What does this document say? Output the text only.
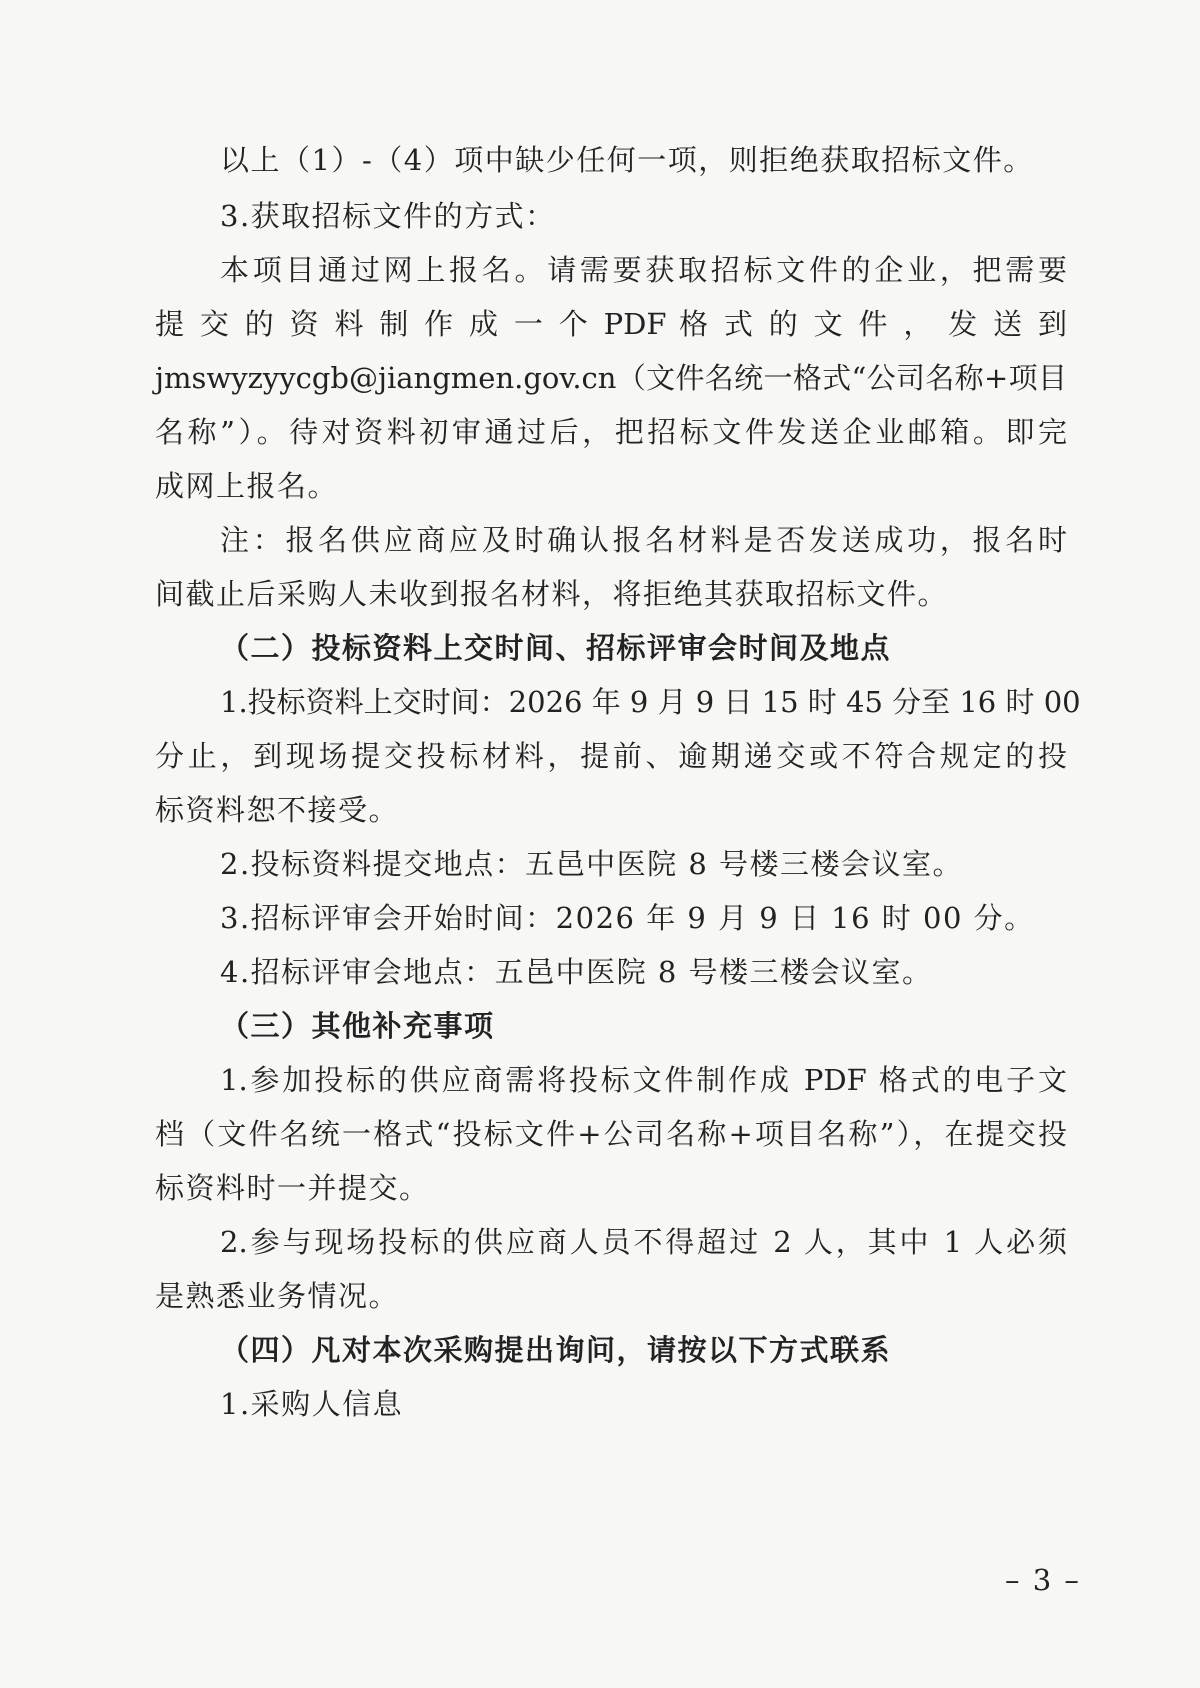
以上（1）-（4）项中缺少任何一项，则拒绝获取招标文件。
3.获取招标文件的方式：
本项目通过网上报名。请需要获取招标文件的企业，把需要
提 交 的 资 料 制 作 成 一 个 PDF 格 式 的 文 件 ， 发 送 到
jmswyzyycgb@jiangmen.gov.cn（文件名统一格式“公司名称+项目
名称”）。待对资料初审通过后，把招标文件发送企业邮箱。即完
成网上报名。
注：报名供应商应及时确认报名材料是否发送成功，报名时
间截止后采购人未收到报名材料，将拒绝其获取招标文件。
（二）投标资料上交时间、招标评审会时间及地点
1.投标资料上交时间：2026 年 9 月 9 日 15 时 45 分至 16 时 00
分止，到现场提交投标材料，提前、逾期递交或不符合规定的投
标资料恕不接受。
2.投标资料提交地点：五邑中医院 8 号楼三楼会议室。
3.招标评审会开始时间：2026 年 9 月 9 日 16 时 00 分。
4.招标评审会地点：五邑中医院 8 号楼三楼会议室。
（三）其他补充事项
1.参加投标的供应商需将投标文件制作成 PDF 格式的电子文
档（文件名统一格式“投标文件+公司名称+项目名称”），在提交投
标资料时一并提交。
2.参与现场投标的供应商人员不得超过 2 人，其中 1 人必须
是熟悉业务情况。
（四）凡对本次采购提出询问，请按以下方式联系
1.采购人信息
– 3 –
